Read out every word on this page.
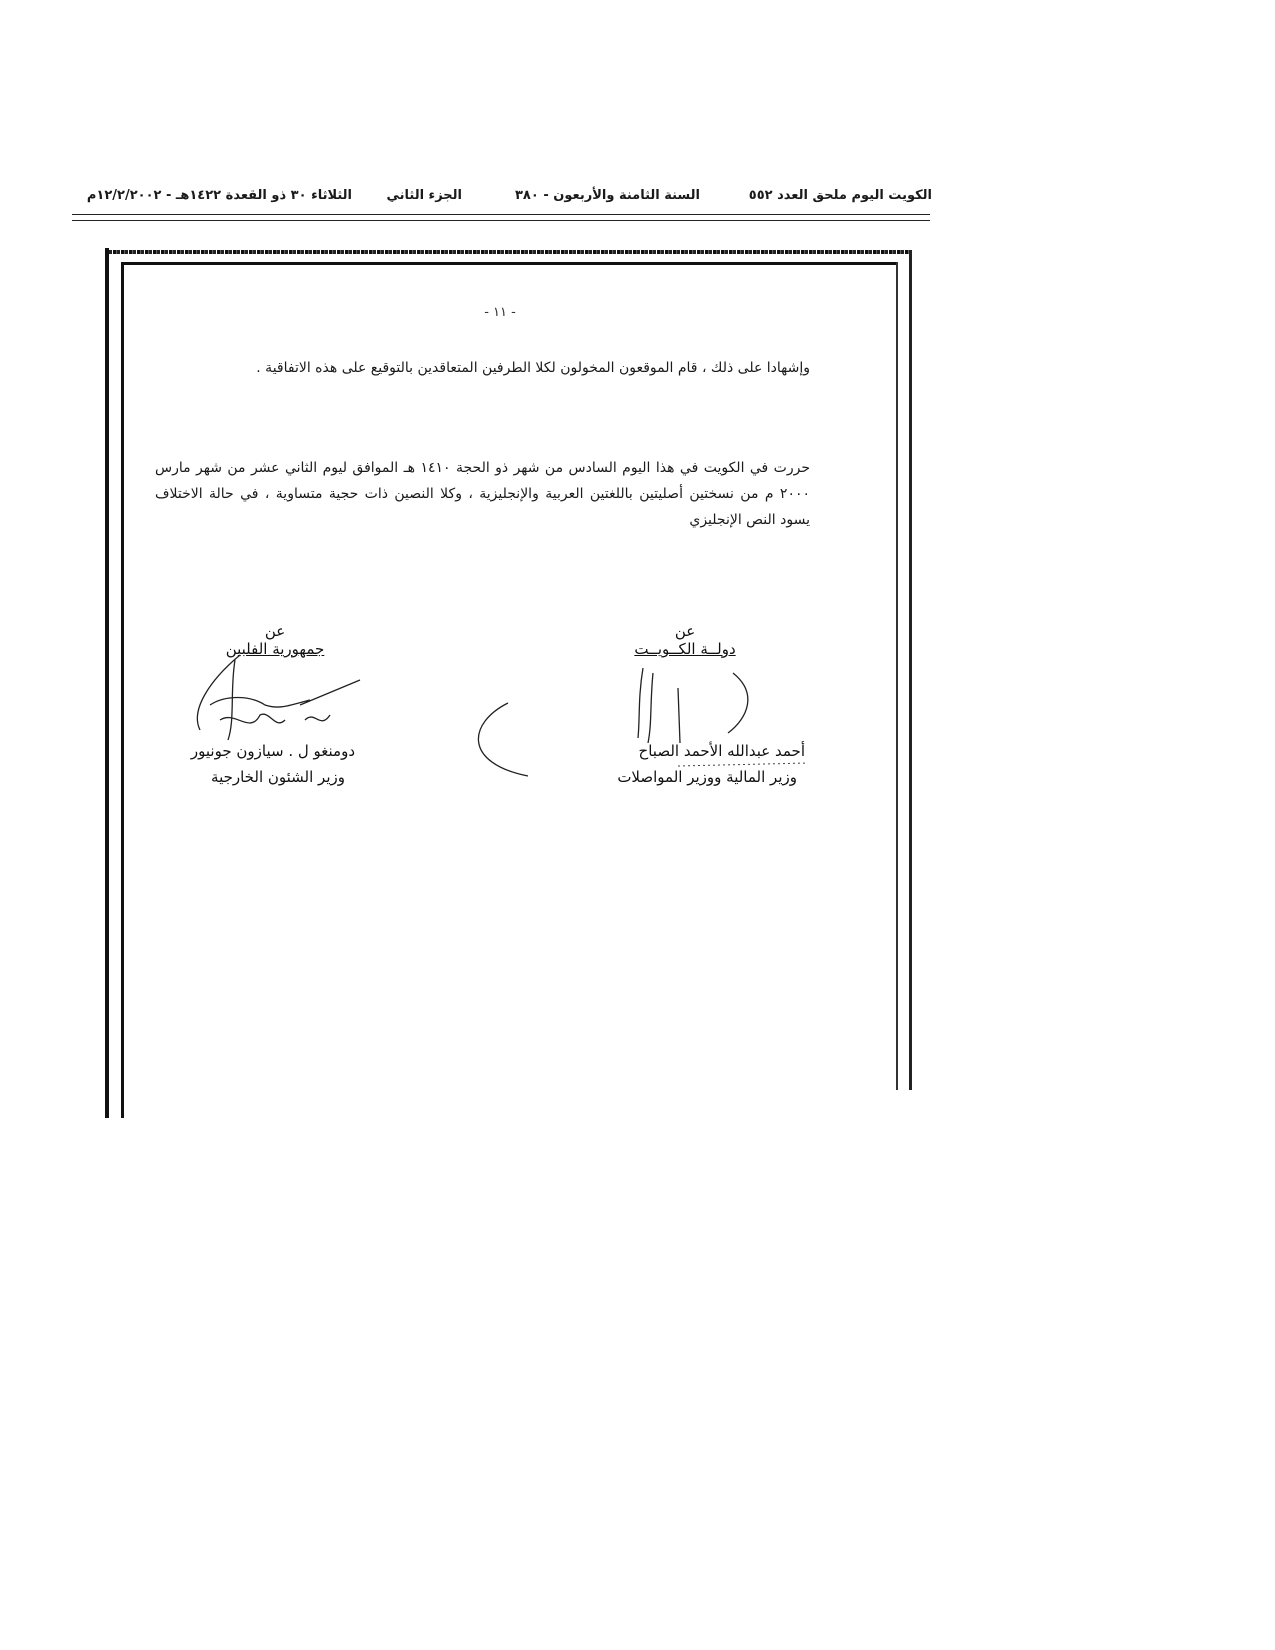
الكويت اليوم ملحق العدد ٥٥٢
السنة الثامنة والأربعون - ٣٨٠
الجزء الثاني
الثلاثاء ٣٠ ذو القعدة ١٤٢٢هـ - ١٢/٢/٢٠٠٢م
- ١١ -
وإشهادا على ذلك ، قام الموقعون المخولون لكلا الطرفين المتعاقدين بالتوقيع على هذه الاتفاقية .
حررت في الكويت في هذا اليوم السادس من شهر ذو الحجة ١٤١٠ هـ الموافق ليوم الثاني عشر من شهر مارس ٢٠٠٠ م من نسختين أصليتين باللغتين العربية والإنجليزية ، وكلا النصين ذات حجية متساوية ، في حالة الاختلاف يسود النص الإنجليزي
عن
جمهورية الفلبين
عن
دولــة الكــويــت
دومنغو ل . سيازون جونيور
وزير الشئون الخارجية
أحمد عبدالله الأحمد الصباح
وزير المالية ووزير المواصلات
